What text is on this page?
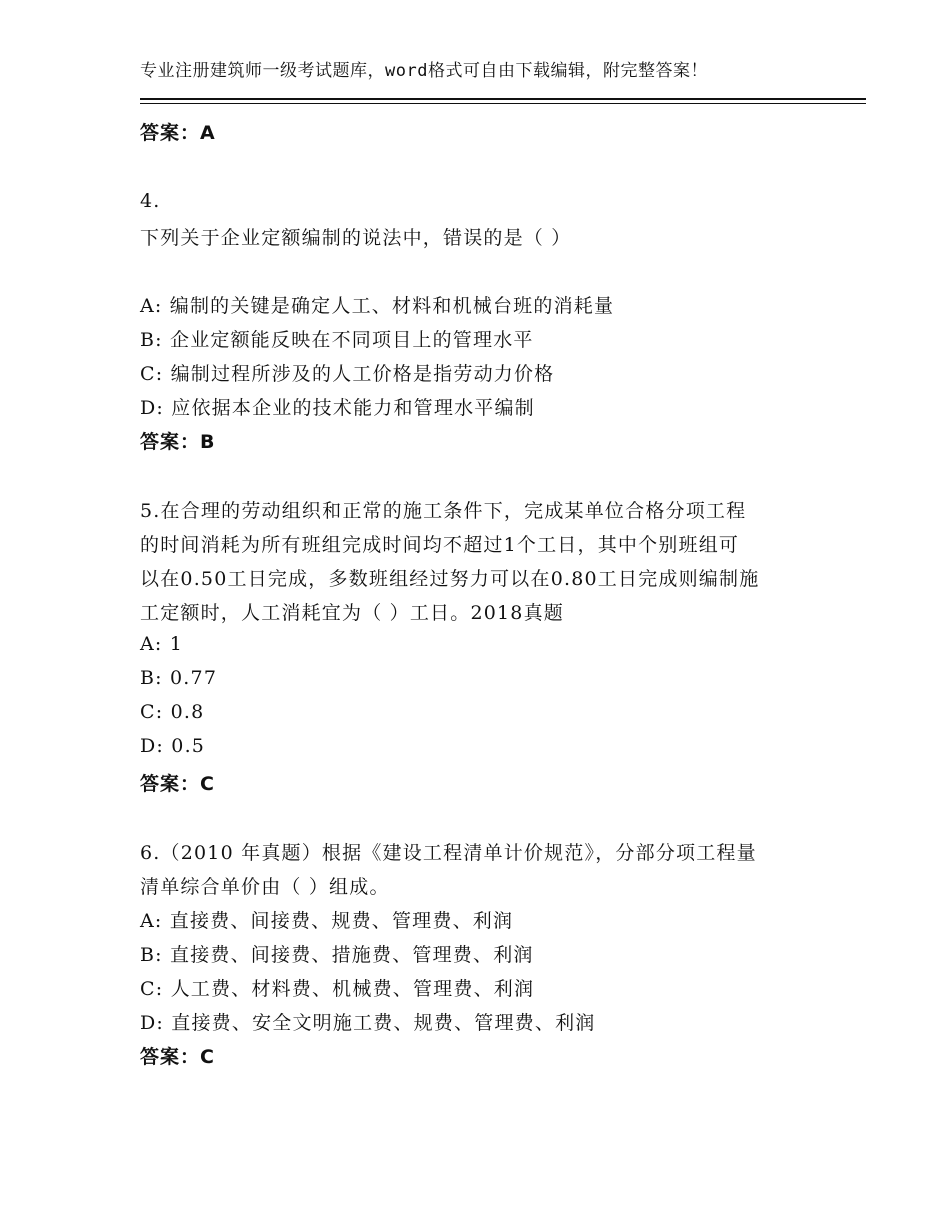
专业注册建筑师一级考试题库，word格式可自由下载编辑，附完整答案！
答案：A
4.
下列关于企业定额编制的说法中，错误的是（ ）
A: 编制的关键是确定人工、材料和机械台班的消耗量
B: 企业定额能反映在不同项目上的管理水平
C: 编制过程所涉及的人工价格是指劳动力价格
D: 应依据本企业的技术能力和管理水平编制
答案：B
5.在合理的劳动组织和正常的施工条件下，完成某单位合格分项工程
的时间消耗为所有班组完成时间均不超过1个工日，其中个别班组可
以在0.50工日完成，多数班组经过努力可以在0.80工日完成则编制施
工定额时，人工消耗宜为（ ）工日。2018真题
A: 1
B: 0.77
C: 0.8
D: 0.5
答案：C
6.（2010 年真题）根据《建设工程清单计价规范》，分部分项工程量
清单综合单价由（ ）组成。
A: 直接费、间接费、规费、管理费、利润
B: 直接费、间接费、措施费、管理费、利润
C: 人工费、材料费、机械费、管理费、利润
D: 直接费、安全文明施工费、规费、管理费、利润
答案：C
